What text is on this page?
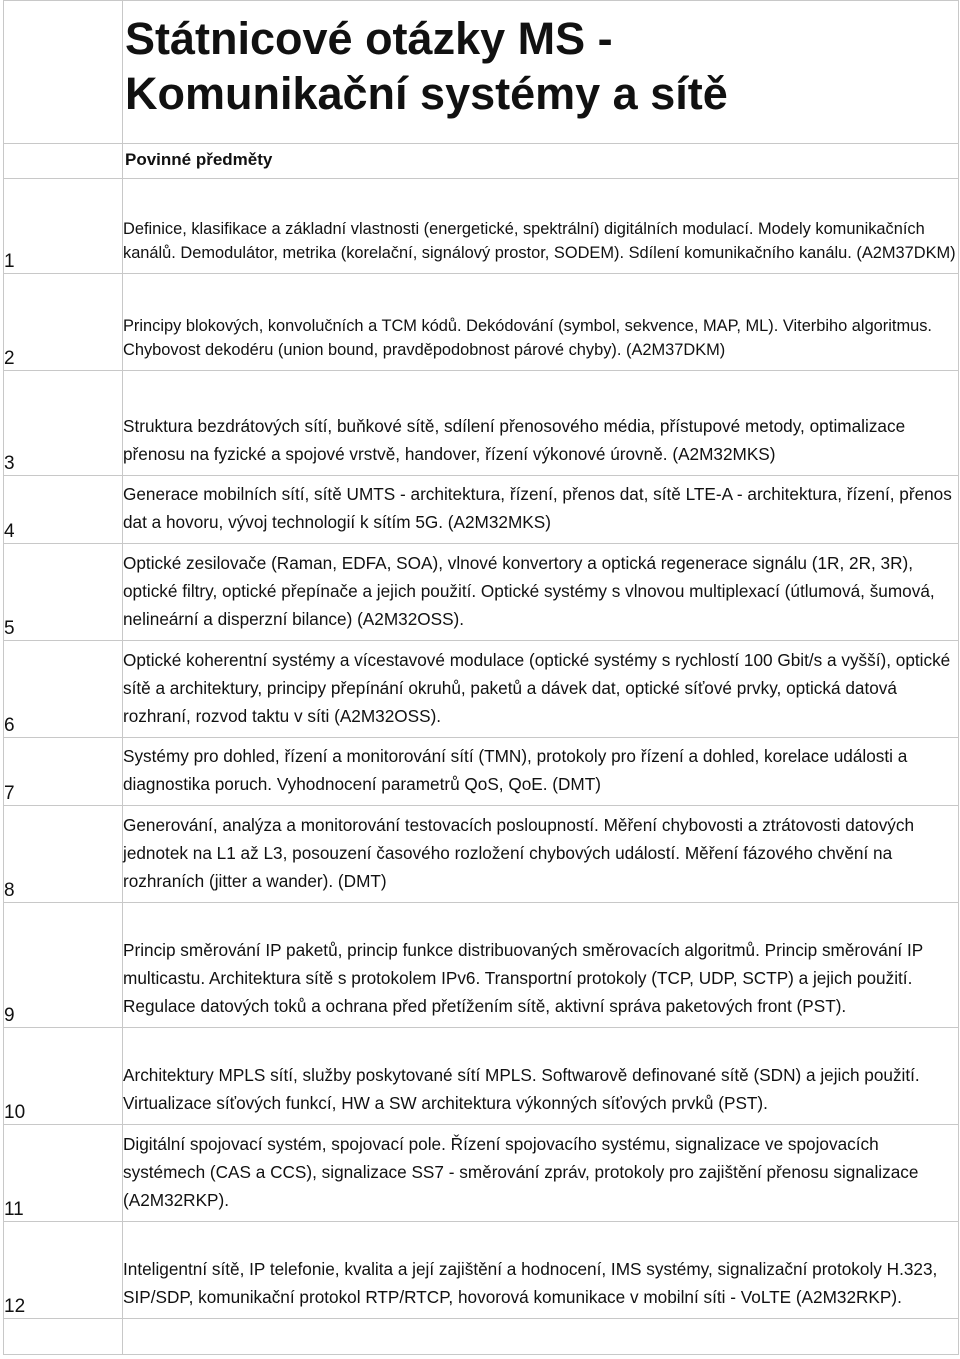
	Státnicové otázky MS -
Komunikační systémy a sítě

	Povinné předměty

1	Definice, klasifikace a základní vlastnosti (energetické, spektrální) digitálních modulací. Modely komunikačních kanálů. Demodulátor, metrika (korelační, signálový prostor, SODEM). Sdílení komunikačního kanálu. (A2M37DKM)

2	Principy blokových, konvolučních a TCM kódů. Dekódování (symbol, sekvence, MAP, ML). Viterbiho algoritmus. Chybovost dekodéru (union bound, pravděpodobnost párové chyby). (A2M37DKM)

3	Struktura bezdrátových sítí, buňkové sítě, sdílení přenosového média, přístupové metody, optimalizace přenosu na fyzické a spojové vrstvě, handover, řízení výkonové úrovně. (A2M32MKS)

4	Generace mobilních sítí, sítě UMTS - architektura, řízení, přenos dat, sítě LTE-A - architektura, řízení, přenos dat a hovoru, vývoj technologií k sítím 5G. (A2M32MKS)

5	Optické zesilovače (Raman, EDFA, SOA), vlnové konvertory a optická regenerace signálu (1R, 2R, 3R), optické filtry, optické přepínače a jejich použití. Optické systémy s vlnovou multiplexací (útlumová, šumová, nelineární a disperzní bilance) (A2M32OSS).

6	Optické koherentní systémy a vícestavové modulace (optické systémy s rychlostí 100 Gbit/s a vyšší), optické sítě a architektury, principy přepínání okruhů, paketů a dávek dat, optické síťové prvky, optická datová rozhraní, rozvod taktu v síti (A2M32OSS).

7	Systémy pro dohled, řízení a monitorování sítí (TMN), protokoly pro řízení a dohled, korelace události a diagnostika poruch. Vyhodnocení parametrů QoS, QoE. (DMT)

8	Generování, analýza a monitorování testovacích posloupností. Měření chybovosti a ztrátovosti datových jednotek na L1 až L3, posouzení časového rozložení chybových událostí. Měření fázového chvění na rozhraních (jitter a wander). (DMT)

9	Princip směrování IP paketů, princip funkce distribuovaných směrovacích algoritmů. Princip směrování IP multicastu. Architektura sítě s protokolem IPv6. Transportní protokoly (TCP, UDP, SCTP) a jejich použití. Regulace datových toků a ochrana před přetížením sítě, aktivní správa paketových front (PST).

10	Architektury MPLS sítí, služby poskytované sítí MPLS. Softwarově definované sítě (SDN) a jejich použití. Virtualizace síťových funkcí, HW a SW architektura výkonných síťových prvků (PST).

11	Digitální spojovací systém, spojovací pole. Řízení spojovacího systému, signalizace ve spojovacích systémech (CAS a CCS), signalizace SS7 - směrování zpráv, protokoly pro zajištění přenosu signalizace (A2M32RKP).

12	Inteligentní sítě, IP telefonie, kvalita a její zajištění a hodnocení, IMS systémy, signalizační protokoly H.323, SIP/SDP, komunikační protokol RTP/RTCP, hovorová komunikace v mobilní síti - VoLTE (A2M32RKP).
